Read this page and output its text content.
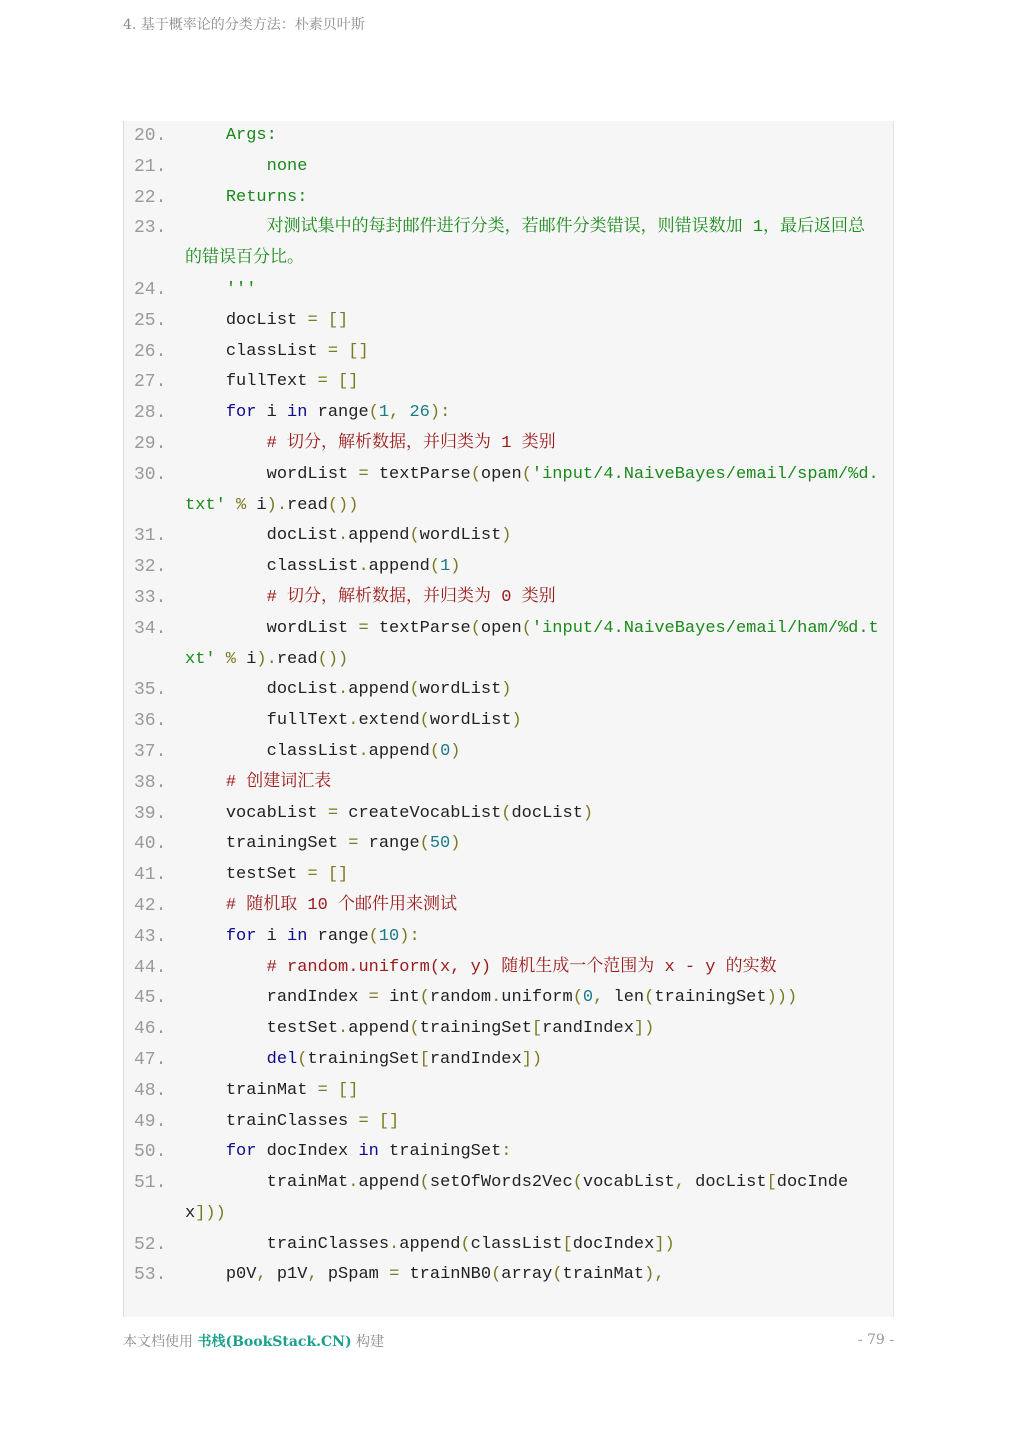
4. 基于概率论的分类方法：朴素贝叶斯
20.	Args:
21.	none
22.	Returns:
23.	对测试集中的每封邮件进行分类，若邮件分类错误，则错误数加 1，最后返回总的错误百分比。
24.	'''
25.	docList = []
26.	classList = []
27.	fullText = []
28.	for i in range(1, 26):
29.	# 切分，解析数据，并归类为 1 类别
30.	wordList = textParse(open('input/4.NaiveBayes/email/spam/%d.txt' % i).read())
31.	docList.append(wordList)
32.	classList.append(1)
33.	# 切分，解析数据，并归类为 0 类别
34.	wordList = textParse(open('input/4.NaiveBayes/email/ham/%d.txt' % i).read())
35.	docList.append(wordList)
36.	fullText.extend(wordList)
37.	classList.append(0)
38.	# 创建词汇表
39.	vocabList = createVocabList(docList)
40.	trainingSet = range(50)
41.	testSet = []
42.	# 随机取 10 个邮件用来测试
43.	for i in range(10):
44.	# random.uniform(x, y) 随机生成一个范围为 x - y 的实数
45.	randIndex = int(random.uniform(0, len(trainingSet)))
46.	testSet.append(trainingSet[randIndex])
47.	del(trainingSet[randIndex])
48.	trainMat = []
49.	trainClasses = []
50.	for docIndex in trainingSet:
51.	trainMat.append(setOfWords2Vec(vocabList, docList[docIndex]))
52.	trainClasses.append(classList[docIndex])
53.	p0V, p1V, pSpam = trainNB0(array(trainMat),
本文档使用 书栈(BookStack.CN) 构建	- 79 -
